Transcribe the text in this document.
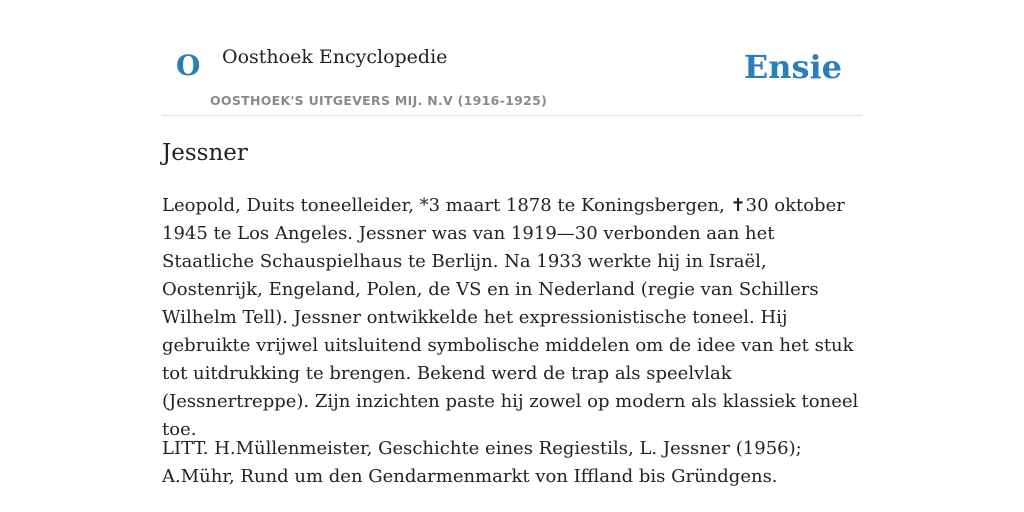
O Oosthoek Encyclopedie	Ensie
OOSTHOEK'S UITGEVERS MIJ. N.V (1916-1925)
Jessner

Leopold, Duits toneelleider, *3 maart 1878 te Koningsbergen, ✝30 oktober 1945 te Los Angeles. Jessner was van 1919—30 verbonden aan het Staatliche Schauspielhaus te Berlijn. Na 1933 werkte hij in Israël, Oostenrijk, Engeland, Polen, de VS en in Nederland (regie van Schillers Wilhelm Tell). Jessner ontwikkelde het expressionistische toneel. Hij gebruikte vrijwel uitsluitend symbolische middelen om de idee van het stuk tot uitdrukking te brengen. Bekend werd de trap als speelvlak (Jessnertreppe). Zijn inzichten paste hij zowel op modern als klassiek toneel toe.

LITT. H.Müllenmeister, Geschichte eines Regiestils, L. Jessner (1956); A.Mühr, Rund um den Gendarmenmarkt von Iffland bis Gründgens.
